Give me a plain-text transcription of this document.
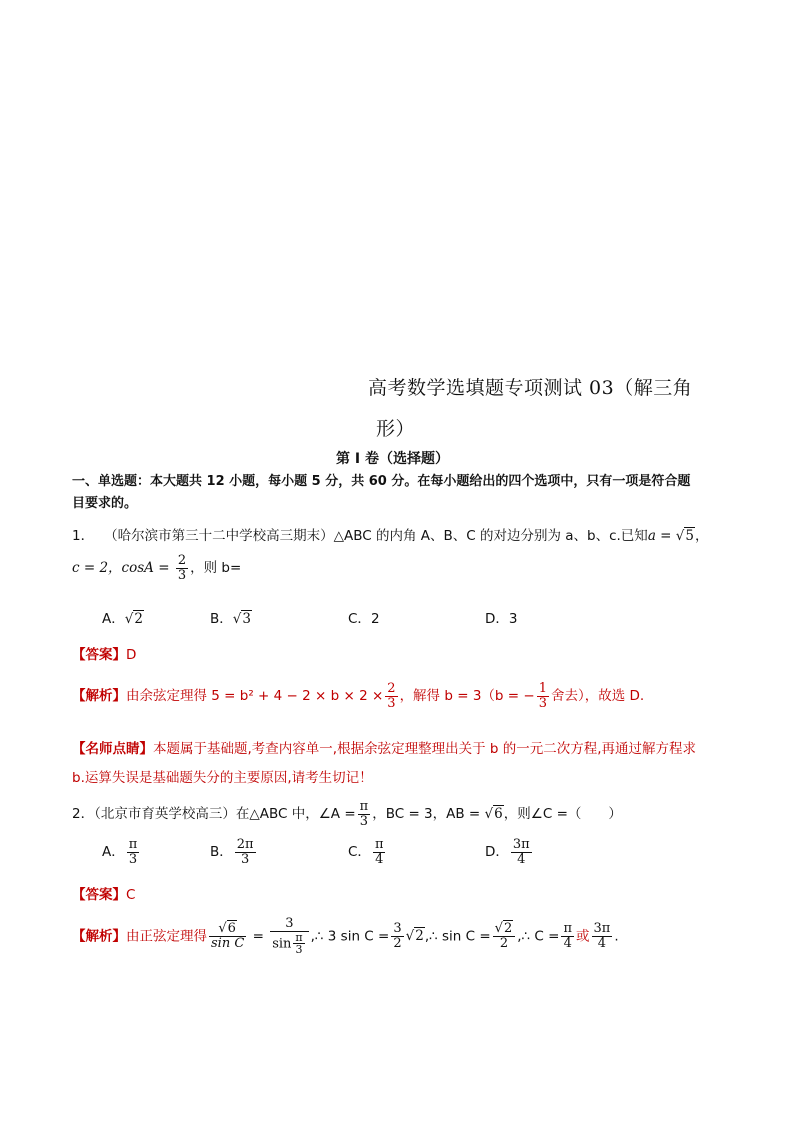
高考数学选填题专项测试 03（解三角
形）
第 I 卷（选择题）
一、单选题：本大题共 12 小题，每小题 5 分，共 60 分。在每小题给出的四个选项中，只有一项是符合题
目要求的。
1． （哈尔滨市第三十二中学校高三期末）△ABC 的内角 A、B、C 的对边分别为 a、b、c.已知a = √5，
c = 2，$\cos A = \frac{2}{3}$ ，则 b=
A．√2	B．√3	C．2	D．3
【答案】D
【解析】由余弦定理得 $5 = b^2 + 4 - 2 \times b \times 2 \times \frac{2}{3}$ ，解得 b = 3（b = − $\frac{1}{3}$ 舍去），故选 D.
【名师点睛】本题属于基础题,考查内容单一,根据余弦定理整理出关于 b 的一元二次方程,再通过解方程求
b.运算失误是基础题失分的主要原因,请考生切记！
2．（北京市育英学校高三）在△ABC 中，∠A = $\frac{\pi}{3}$ ，BC = 3，AB = √6，则∠C =（　　）
A． $\frac{\pi}{3}$	B． $\frac{2\pi}{3}$	C． $\frac{\pi}{4}$	D． $\frac{3\pi}{4}$
【答案】C
【解析】由正弦定理得 $\frac{√6}{\text{sin C}} = \frac{3}{\sin \frac{\pi}{3}}$ ,∴ 3 $\sin C = \frac{3}{2}$ √2,∴ $\sin C = \frac{√2}{2}$ ,∴ $C = \frac{\pi}{4}$ 或 $\frac{3\pi}{4}$ .
